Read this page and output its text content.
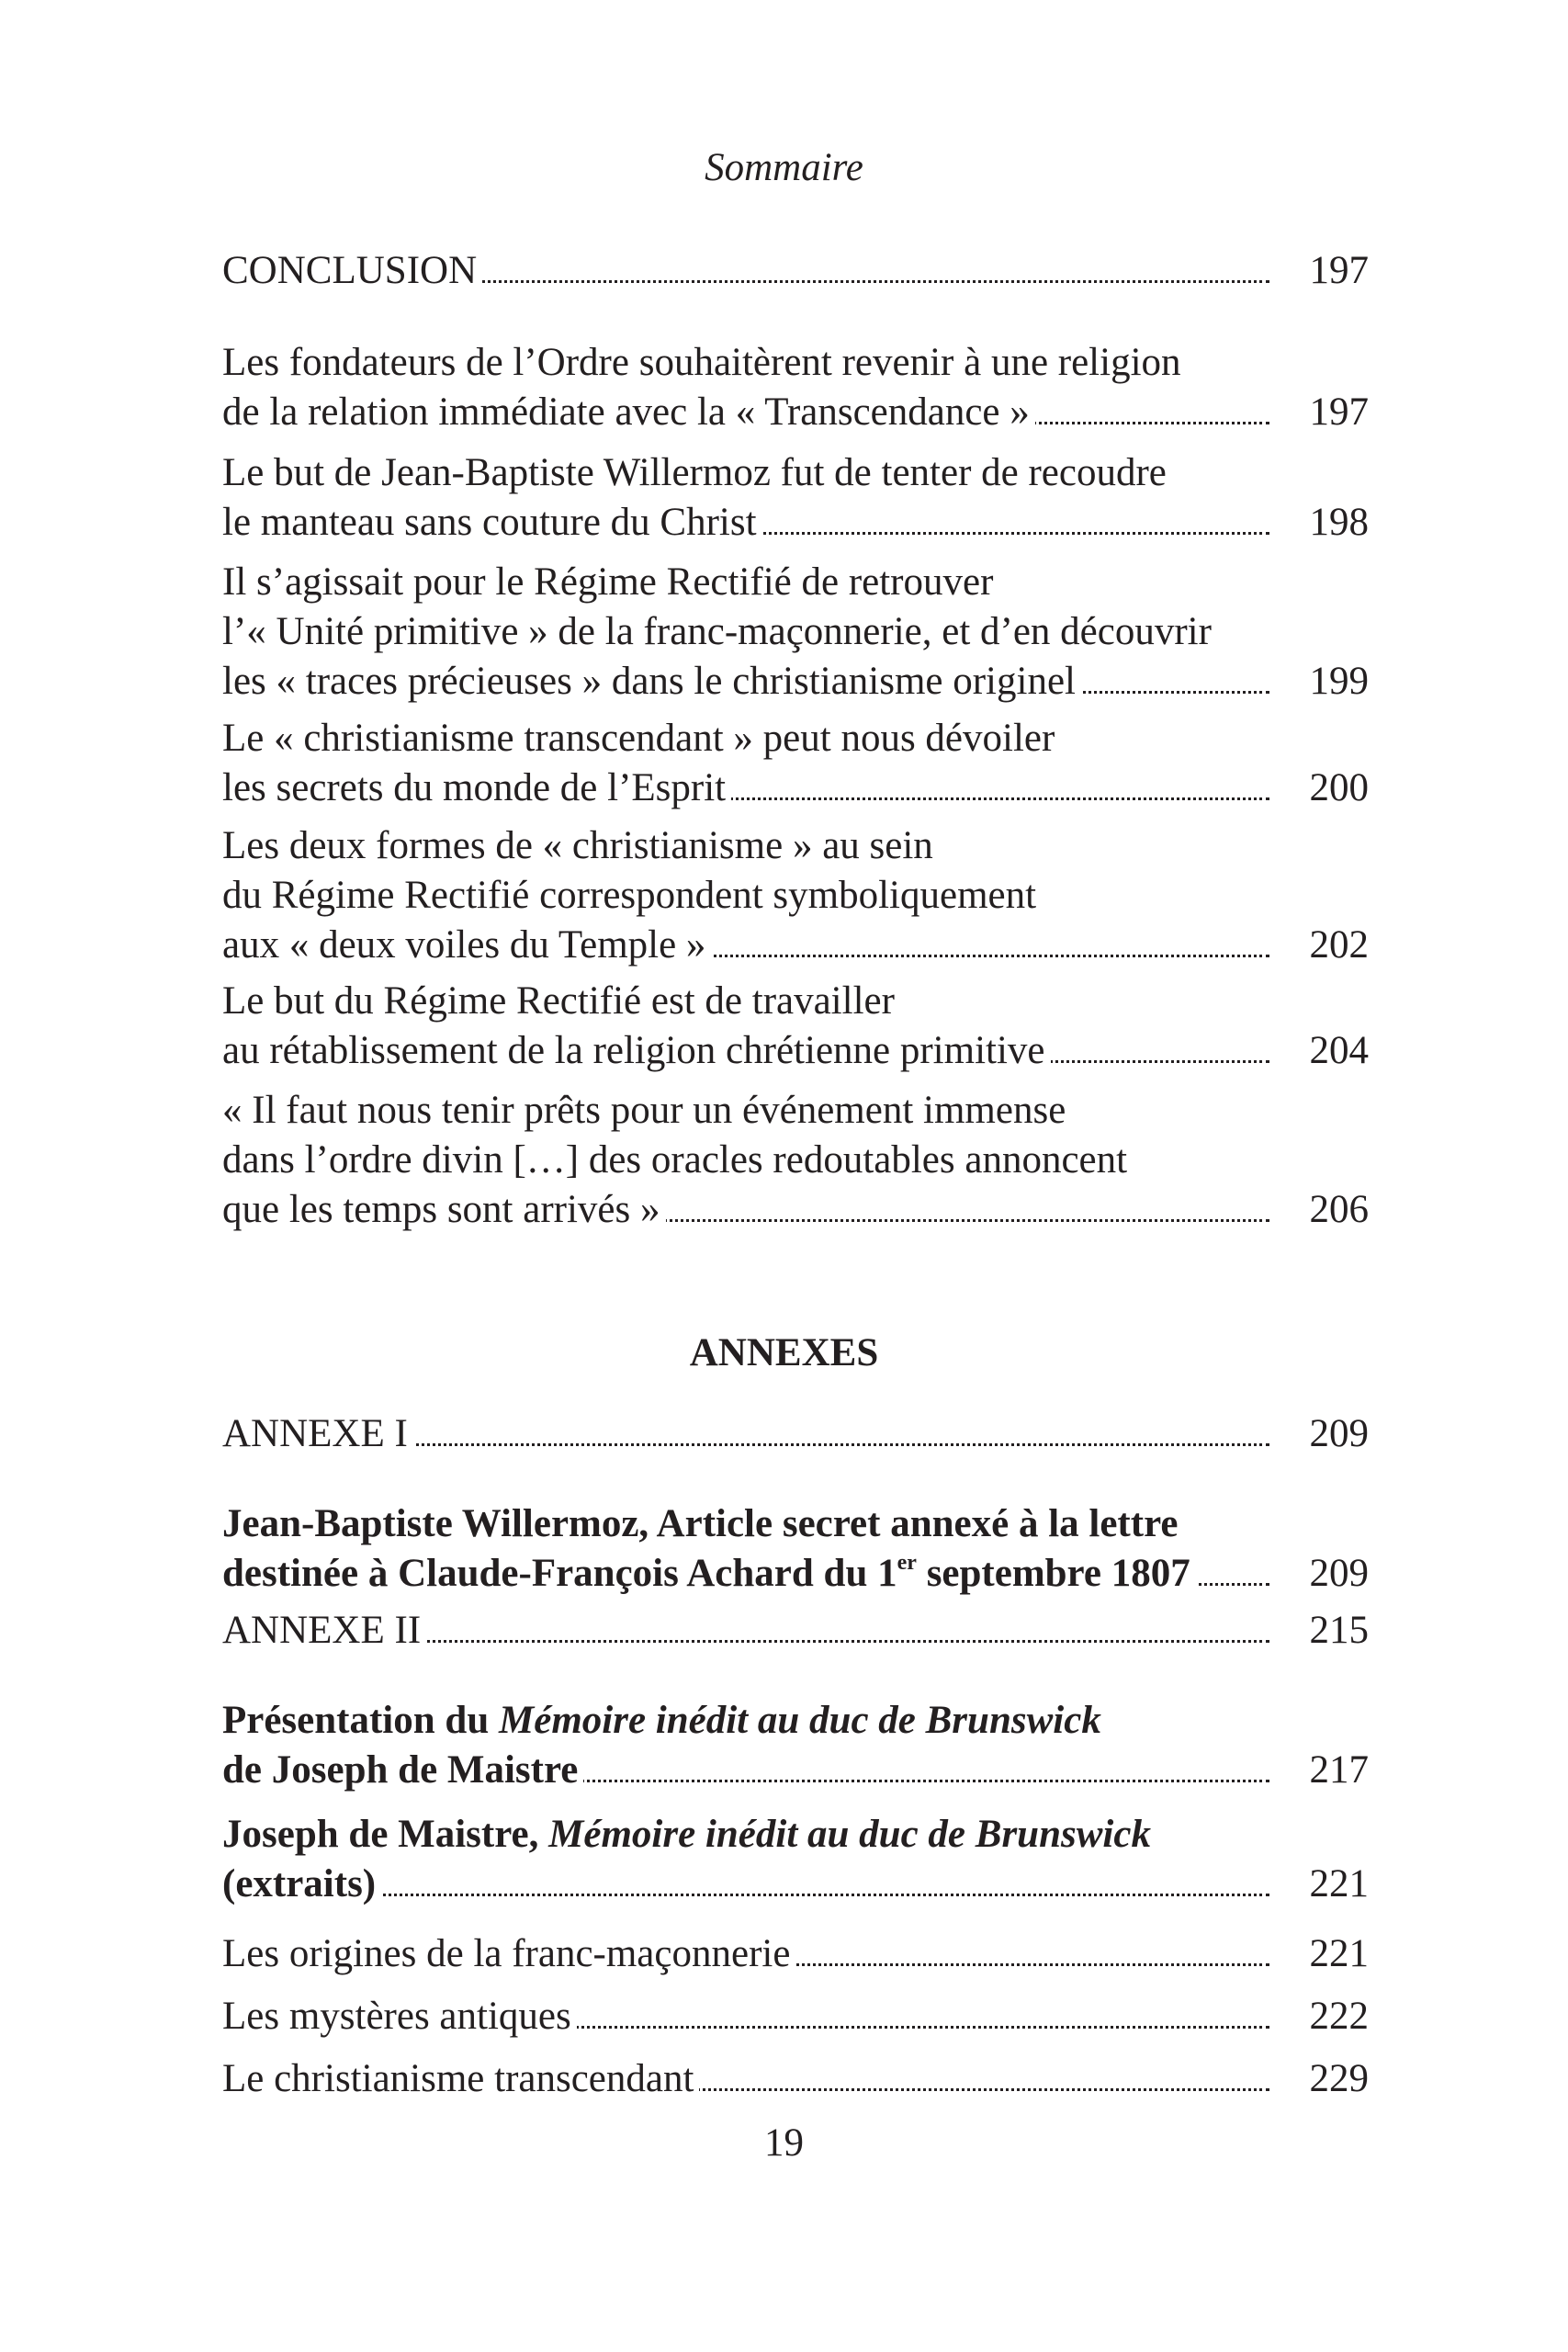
Sommaire
CONCLUSION	197
Les fondateurs de l’Ordre souhaitèrent revenir à une religion
de la relation immédiate avec la « Transcendance »	197
Le but de Jean-Baptiste Willermoz fut de tenter de recoudre
le manteau sans couture du Christ	198
Il s’agissait pour le Régime Rectifié de retrouver
l’« Unité primitive » de la franc-maçonnerie, et d’en découvrir
les « traces précieuses » dans le christianisme originel	199
Le « christianisme transcendant » peut nous dévoiler
les secrets du monde de l’Esprit	200
Les deux formes de « christianisme » au sein
du Régime Rectifié correspondent symboliquement
aux « deux voiles du Temple »	202
Le but du Régime Rectifié est de travailler
au rétablissement de la religion chrétienne primitive	204
« Il faut nous tenir prêts pour un événement immense
dans l’ordre divin […] des oracles redoutables annoncent
que les temps sont arrivés »	206
ANNEXES
ANNEXE I	209
Jean-Baptiste Willermoz, Article secret annexé à la lettre
destinée à Claude-François Achard du 1er septembre 1807	209
ANNEXE II	215
Présentation du Mémoire inédit au duc de Brunswick
de Joseph de Maistre	217
Joseph de Maistre, Mémoire inédit au duc de Brunswick
(extraits)	221
Les origines de la franc-maçonnerie	221
Les mystères antiques	222
Le christianisme transcendant	229
19
